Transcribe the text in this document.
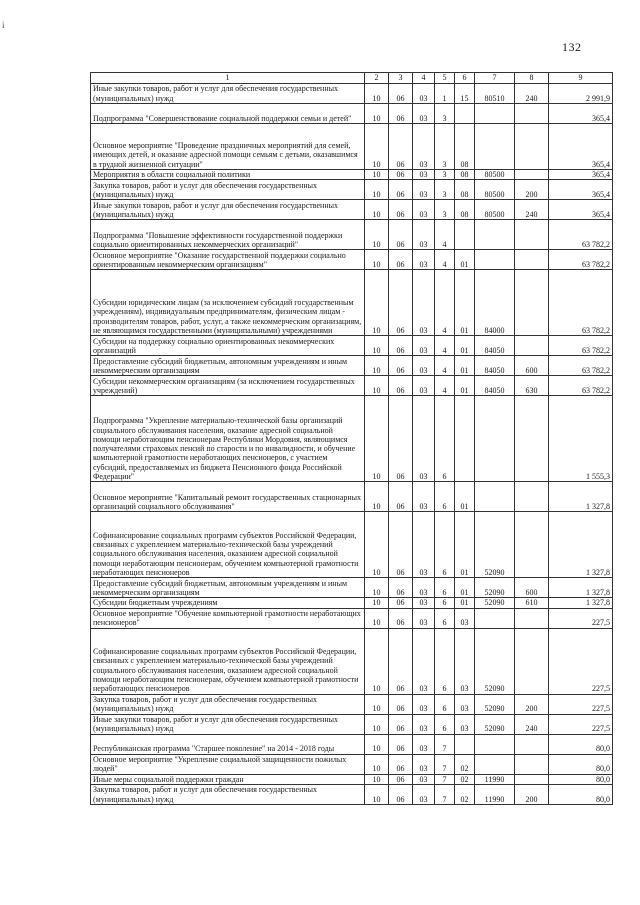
i
132
1	2	3	4	5	6	7	8	9
Иные закупки товаров, работ и услуг для обеспечения государственных (муниципальных) нужд	10	06	03	1	15	80510	240	2 991,9
Подпрограмма "Совершенствование социальной поддержки семьи и детей"	10	06	03	3				365,4
Основное мероприятие "Проведение праздничных мероприятий для семей, имеющих детей, и оказание адресной помощи семьям с детьми, оказавшимся в трудной жизненной ситуации"	10	06	03	3	08			365,4
Мероприятия в области социальной политики	10	06	03	3	08	80500		365,4
Закупка товаров, работ и услуг для обеспечения государственных (муниципальных) нужд	10	06	03	3	08	80500	200	365,4
Иные закупки товаров, работ и услуг для обеспечения государственных (муниципальных) нужд	10	06	03	3	08	80500	240	365,4
Подпрограмма "Повышение эффективности государственной поддержки социально ориентированных некоммерческих организаций"	10	06	03	4				63 782,2
Основное мероприятие "Оказание государственной поддержки социально ориентированным некоммерческим организациям"	10	06	03	4	01			63 782,2
Субсидии юридическим лицам (за исключением субсидий государственным учреждениям), индивидуальным предпринимателям, физическим лицам - производителям товаров, работ, услуг, а также некоммерческим организациям, не являющимся государственными (муниципальными) учреждениями	10	06	03	4	01	84000		63 782,2
Субсидии на поддержку социально ориентированных некоммерческих организаций	10	06	03	4	01	84050		63 782,2
Предоставление субсидий бюджетным, автономным учреждениям и иным некоммерческим организациям	10	06	03	4	01	84050	600	63 782,2
Субсидии некоммерческим организациям (за исключением государственных учреждений)	10	06	03	4	01	84050	630	63 782,2
Подпрограмма "Укрепление материально-технической базы организаций социального обслуживания населения, оказание адресной социальной помощи неработающим пенсионерам Республики Мордовия, являющимся получателями страховых пенсий по старости и по инвалидности, и обучение компьютерной грамотности неработающих пенсионеров, с участием субсидий, предоставляемых из бюджета Пенсионного фонда Российской Федерации"	10	06	03	6				1 555,3
Основное мероприятие "Капитальный ремонт государственных стационарных организаций социального обслуживания"	10	06	03	6	01			1 327,8
Софинансирование социальных программ субъектов Российской Федерации, связанных с укреплением материально-технической базы учреждений социального обслуживания населения, оказанием адресной социальной помощи неработающим пенсионерам, обучением компьютерной грамотности неработающих пенсионеров	10	06	03	6	01	52090		1 327,8
Предоставление субсидий бюджетным, автономным учреждениям и иным некоммерческим организациям	10	06	03	6	01	52090	600	1 327,8
Субсидии бюджетным учреждениям	10	06	03	6	01	52090	610	1 327,8
Основное мероприятие "Обучение компьютерной грамотности неработающих пенсионеров"	10	06	03	6	03			227,5
Софинансирование социальных программ субъектов Российской Федерации, связанных с укреплением материально-технической базы учреждений социального обслуживания населения, оказанием адресной социальной помощи неработающим пенсионерам, обучением компьютерной грамотности неработающих пенсионеров	10	06	03	6	03	52090		227,5
Закупка товаров, работ и услуг для обеспечения государственных (муниципальных) нужд	10	06	03	6	03	52090	200	227,5
Иные закупки товаров, работ и услуг для обеспечения государственных (муниципальных) нужд	10	06	03	6	03	52090	240	227,5
Республиканская программа "Старшее поколение" на 2014 - 2018 годы	10	06	03	7				80,0
Основное мероприятие "Укрепление социальной защищенности пожилых людей"	10	06	03	7	02			80,0
Иные меры социальной поддержки граждан	10	06	03	7	02	11990		80,0
Закупка товаров, работ и услуг для обеспечения государственных (муниципальных) нужд	10	06	03	7	02	11990	200	80,0
